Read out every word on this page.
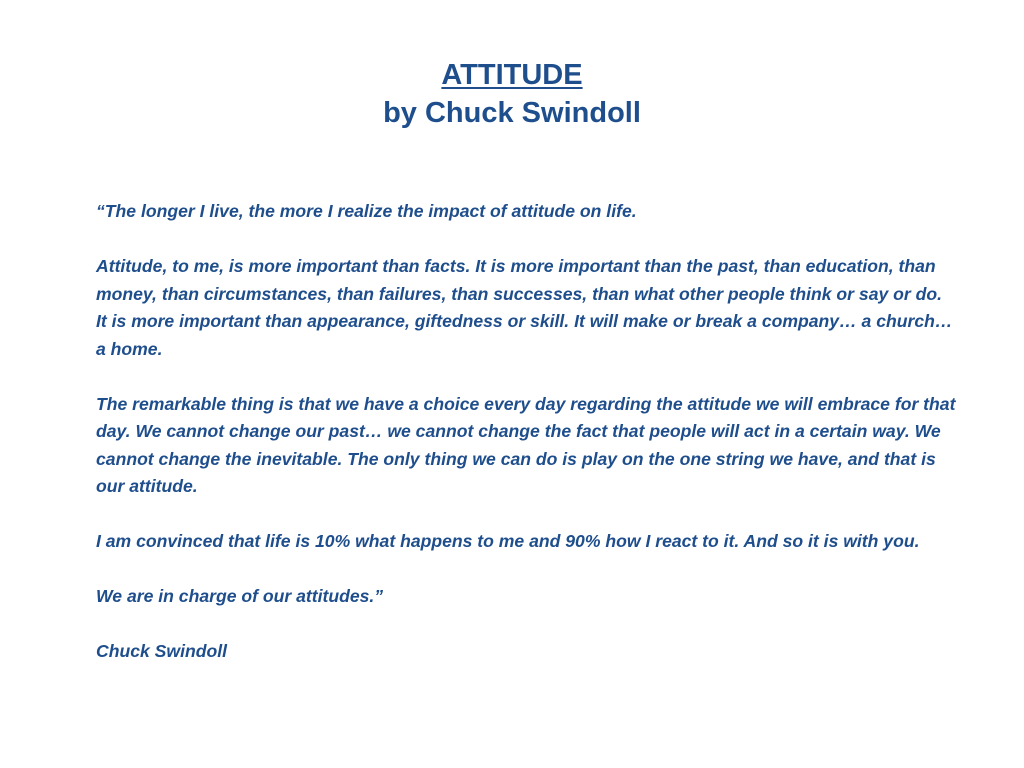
ATTITUDE
by Chuck Swindoll

“The longer I live, the more I realize the impact of attitude on life.

Attitude, to me, is more important than facts. It is more important than the past, than education, than money, than circumstances, than failures, than successes, than what other people think or say or do. It is more important than appearance, giftedness or skill. It will make or break a company… a church… a home.

The remarkable thing is that we have a choice every day regarding the attitude we will embrace for that day. We cannot change our past… we cannot change the fact that people will act in a certain way. We cannot change the inevitable. The only thing we can do is play on the one string we have, and that is our attitude.

I am convinced that life is 10% what happens to me and 90% how I react to it. And so it is with you.

We are in charge of our attitudes.”

Chuck Swindoll
